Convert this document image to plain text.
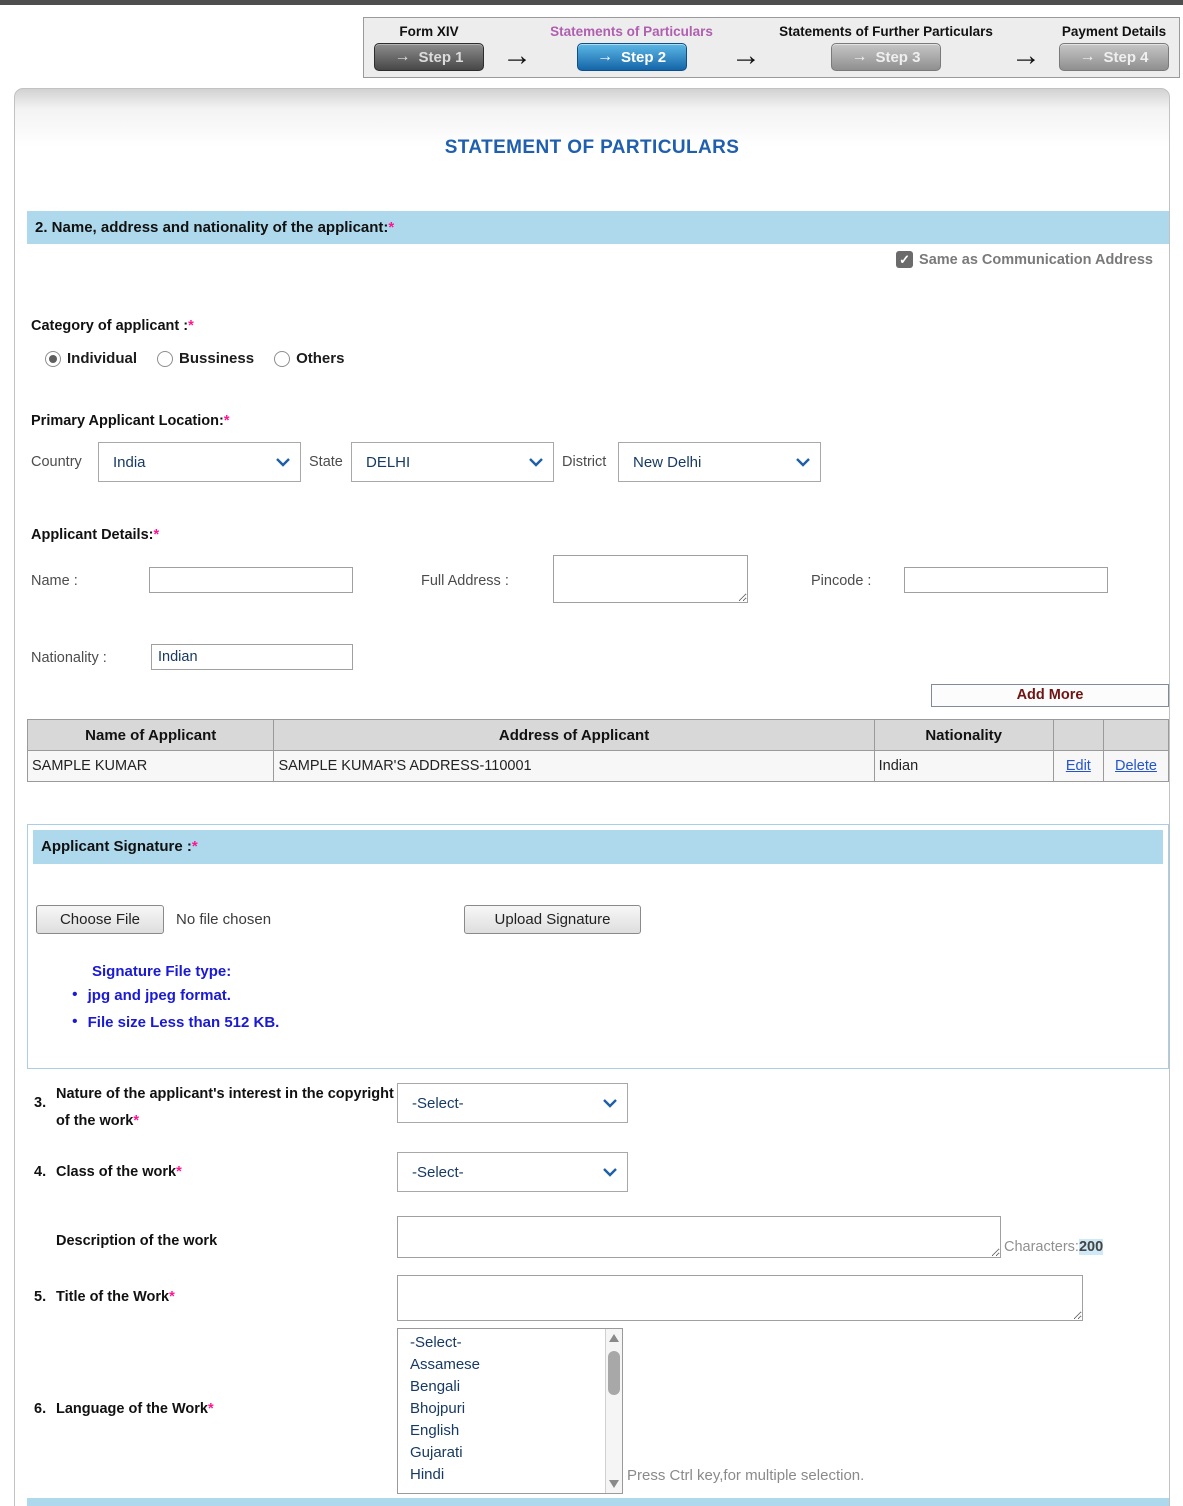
Form XIV
→ Step 1 →
Statements of Particulars
→ Step 2 →
Statements of Further Particulars
→ Step 3	→
Payment Details
→ Step 4
STATEMENT OF PARTICULARS
2. Name, address and nationality of the applicant:*
✓ Same as Communication Address
Category of applicant :*
Individual	Bussiness	Others
Primary Applicant Location:*
Country	India	State	DELHI	District	New Delhi
Applicant Details:*
Name :	Full Address :	Pincode :
Nationality :
Indian
Add More
Name of Applicant	Address of Applicant	Nationality		
SAMPLE KUMAR	SAMPLE KUMAR'S ADDRESS-110001	Indian	Edit	Delete
Applicant Signature :*
Choose File	No file chosen	Upload Signature
Signature File type:
• jpg and jpeg format.
• File size Less than 512 KB.
3.
Nature of the applicant's interest in the copyright of the work*
-Select-
4. Class of the work*	-Select-
Description of the work	Characters:200
5. Title of the Work*
6. Language of the Work*
-Select-
Assamese
Bengali
Bhojpuri
English
Gujarati
Hindi	Press Ctrl key,for multiple selection.
